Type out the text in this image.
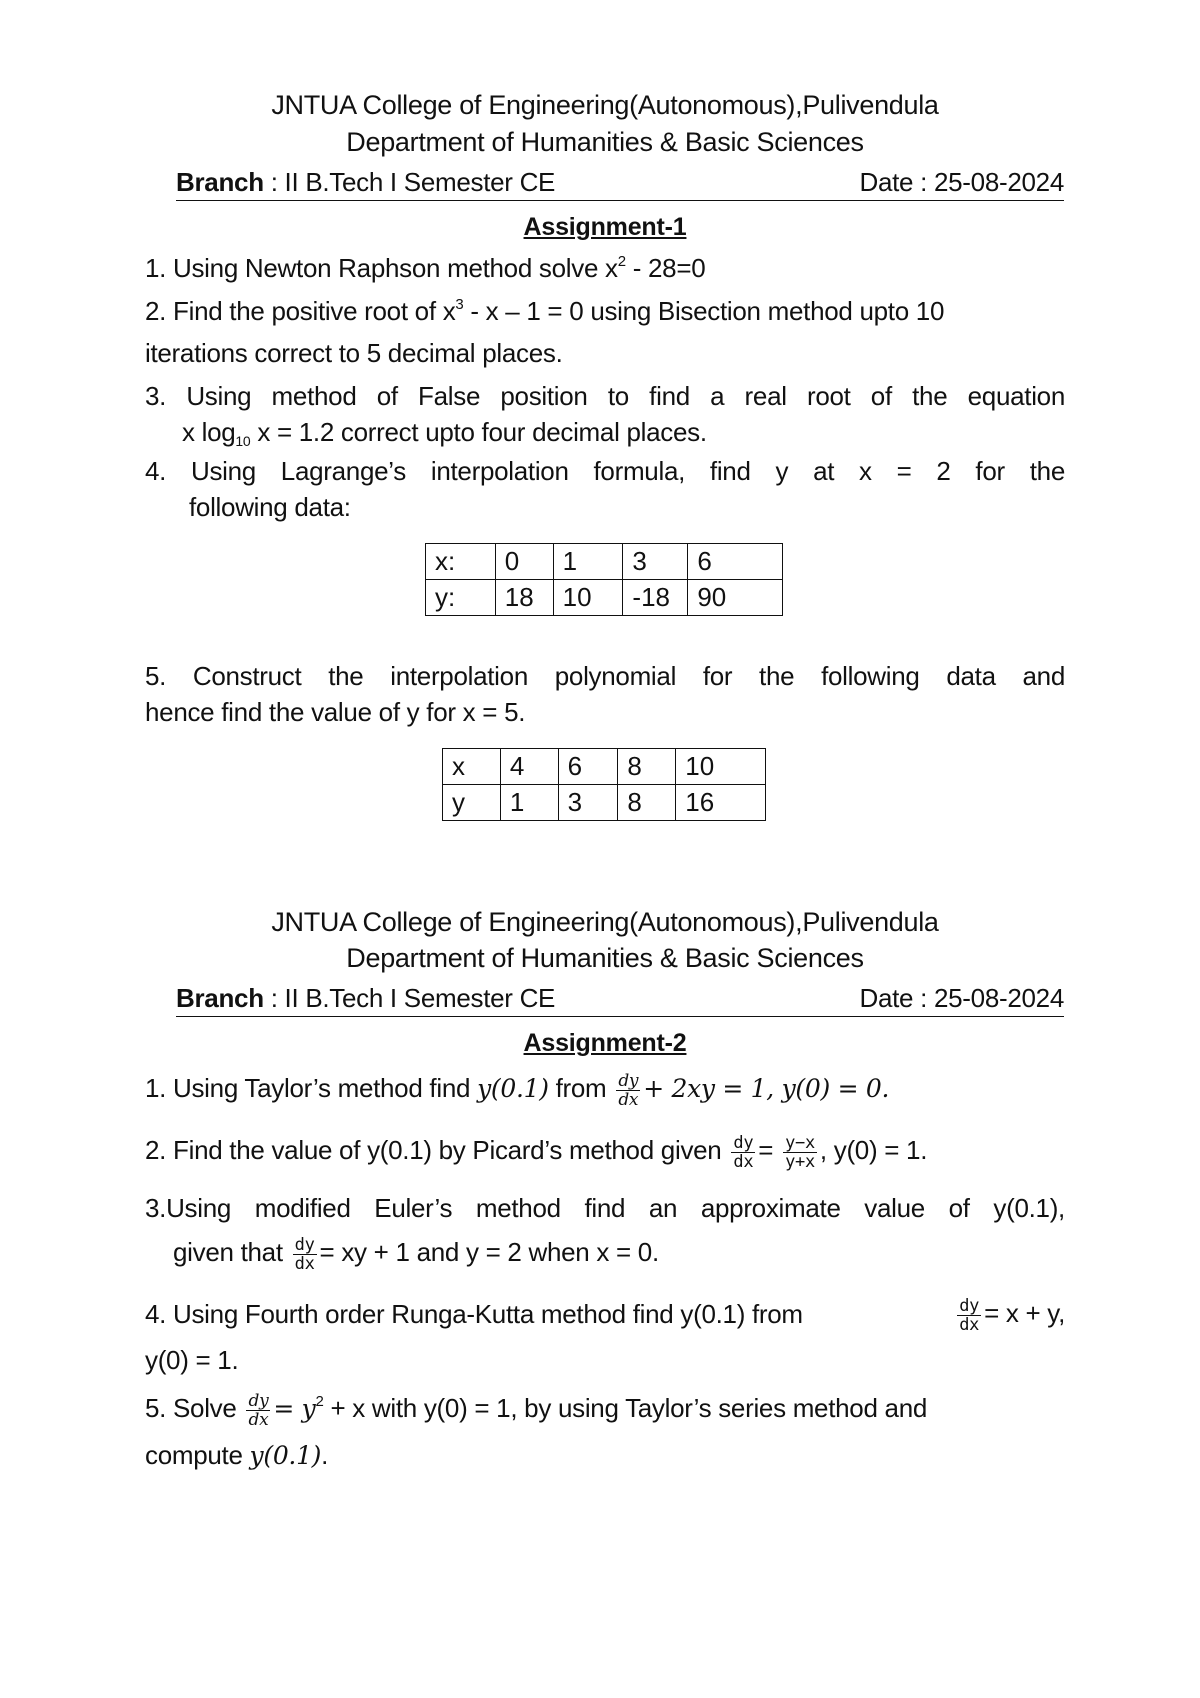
JNTUA College of Engineering(Autonomous),Pulivendula
Department of Humanities & Basic Sciences
Branch : II B.Tech I Semester CE	Date : 25-08-2024
Assignment-1
1. Using Newton Raphson method solve $x^2 - 28=0$
2. Find the positive root of $x^3 - x - 1 = 0$ using Bisection method upto 10
iterations correct to 5 decimal places.
3. Using method of False position to find a real root of the equation
x $\log_{10} x = 1.2$ correct upto four decimal places.
4. Using Lagrange’s interpolation formula, find y at x = 2 for the
following data:
x:	0	1	3	6
y:	18	10	-18	90
5. Construct the interpolation polynomial for the following data and
hence find the value of y for x = 5.
x	4	6	8	10
y	1	3	8	16
JNTUA College of Engineering(Autonomous),Pulivendula
Department of Humanities & Basic Sciences
Branch : II B.Tech I Semester CE	Date : 25-08-2024
Assignment-2
1. Using Taylor’s method find y(0.1) from $\frac{dy}{dx} + 2xy = 1$, y(0) = 0.
2. Find the value of y(0.1) by Picard’s method given $\frac{dy}{dx} = \frac{y-x}{y+x}$ , y(0) = 1.
3.Using modified Euler’s method find an approximate value of y(0.1),
given that $\frac{dy}{dx}$ = xy + 1 and y = 2 when x = 0.
4. Using Fourth order Runga-Kutta method find y(0.1) from	$\frac{dy}{dx} = x + y$,
y(0) = 1.
5. Solve $\frac{dy}{dx} = y^2 + x$ with y(0) = 1, by using Taylor’s series method and
compute y(0.1).
